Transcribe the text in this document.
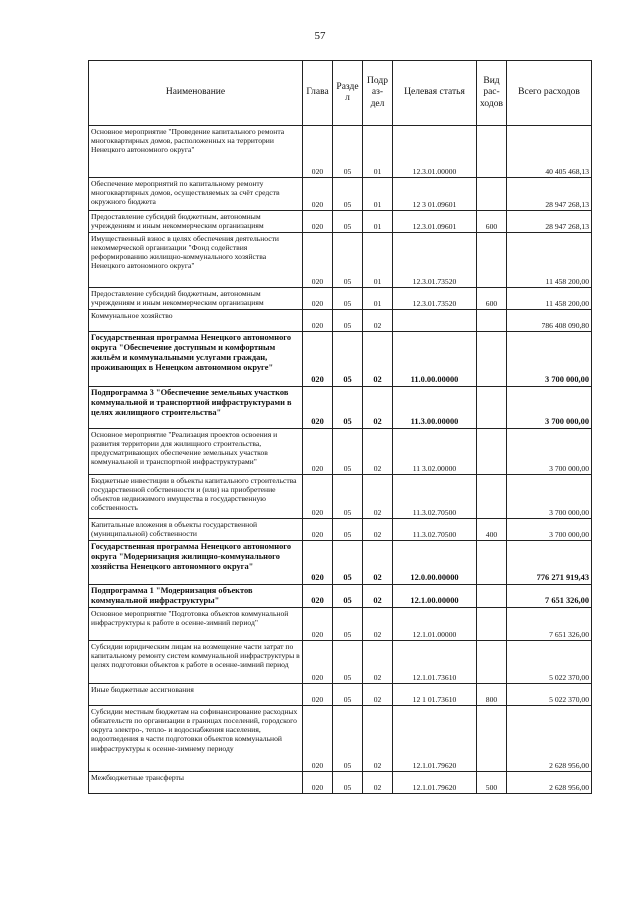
57
Наименование	Глава	Разде л	Подр аз- дел	Целевая статья	Вид рас- ходов	Всего расходов
Основное мероприятие "Проведение капитального ремонта многоквартирных домов, расположенных на территории Ненецкого автономного округа"	020	05	01	12.3.01.00000		40 405 468,13
Обеспечение мероприятий по капитальному ремонту многоквартирных домов, осуществляемых за счёт средств окружного бюджета	020	05	01	12 3 01.09601		28 947 268,13
Предоставление субсидий бюджетным, автономным учреждениям и иным некоммерческим организациям	020	05	01	12.3.01.09601	600	28 947 268,13
Имущественный взнос в целях обеспечения деятельности некоммерческой организации "Фонд содействия реформированию жилищно-коммунального хозяйства Ненецкого автономного округа"	020	05	01	12.3.01.73520		11 458 200,00
Предоставление субсидий бюджетным, автономным учреждениям и иным некоммерческим организациям	020	05	01	12.3.01.73520	600	11 458 200,00
Коммунальное хозяйство	020	05	02			786 408 090,80
Государственная программа Ненецкого автономного округа "Обеспечение доступным и комфортным жильём и коммунальными услугами граждан, проживающих в Ненецком автономном округе"	020	05	02	11.0.00.00000		3 700 000,00
Подпрограмма 3 "Обеспечение земельных участков коммунальной и транспортной инфраструктурами в целях жилищного строительства"	020	05	02	11.3.00.00000		3 700 000,00
Основное мероприятие "Реализация проектов освоения и развития территории для жилищного строительства, предусматривающих обеспечение земельных участков коммунальной и транспортной инфраструктурами"	020	05	02	11 3.02.00000		3 700 000,00
Бюджетные инвестиции в объекты капитального строительства государственной собственности и (или) на приобретение объектов недвижимого имущества в государственную собственность	020	05	02	11.3.02.70500		3 700 000,00
Капитальные вложения в объекты государственной (муниципальной) собственности	020	05	02	11.3.02.70500	400	3 700 000,00
Государственная программа Ненецкого автономного округа "Модернизация жилищно-коммунального хозяйства Ненецкого автономного округа"	020	05	02	12.0.00.00000		776 271 919,43
Подпрограмма 1 "Модернизация объектов коммунальной инфраструктуры"	020	05	02	12.1.00.00000		7 651 326,00
Основное мероприятие "Подготовка объектов коммунальной инфраструктуры к работе в осенне-зимний период"	020	05	02	12.1.01.00000		7 651 326,00
Субсидии юридическим лицам на возмещение части затрат по капитальному ремонту систем коммунальной инфраструктуры в целях подготовки объектов к работе в осенне-зимний период	020	05	02	12.1.01.73610		5 022 370,00
Иные бюджетные ассигнования	020	05	02	12 1 01.73610	800	5 022 370,00
Субсидии местным бюджетам на софинансирование расходных обязательств по организации в границах поселений, городского округа электро-, тепло- и водоснабжения населения, водоотведения в части подготовки объектов коммунальной инфраструктуры к осенне-зимнему периоду	020	05	02	12.1.01.79620		2 628 956,00
Межбюджетные трансферты	020	05	02	12.1.01.79620	500	2 628 956,00
